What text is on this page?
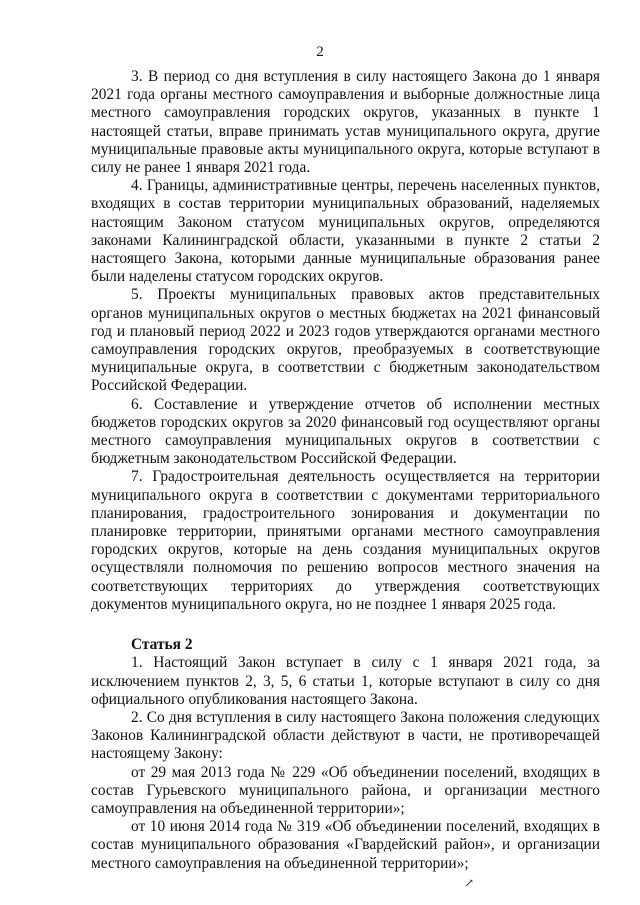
2

3. В период со дня вступления в силу настоящего Закона до 1 января 2021 года органы местного самоуправления и выборные должностные лица местного самоуправления городских округов, указанных в пункте 1 настоящей статьи, вправе принимать устав муниципального округа, другие муниципальные правовые акты муниципального округа, которые вступают в силу не ранее 1 января 2021 года.

4. Границы, административные центры, перечень населенных пунктов, входящих в состав территории муниципальных образований, наделяемых настоящим Законом статусом муниципальных округов, определяются законами Калининградской области, указанными в пункте 2 статьи 2 настоящего Закона, которыми данные муниципальные образования ранее были наделены статусом городских округов.

5. Проекты муниципальных правовых актов представительных органов муниципальных округов о местных бюджетах на 2021 финансовый год и плановый период 2022 и 2023 годов утверждаются органами местного самоуправления городских округов, преобразуемых в соответствующие муниципальные округа, в соответствии с бюджетным законодательством Российской Федерации.

6. Составление и утверждение отчетов об исполнении местных бюджетов городских округов за 2020 финансовый год осуществляют органы местного самоуправления муниципальных округов в соответствии с бюджетным законодательством Российской Федерации.

7. Градостроительная деятельность осуществляется на территории муниципального округа в соответствии с документами территориального планирования, градостроительного зонирования и документации по планировке территории, принятыми органами местного самоуправления городских округов, которые на день создания муниципальных округов осуществляли полномочия по решению вопросов местного значения на соответствующих территориях до утверждения соответствующих документов муниципального округа, но не позднее 1 января 2025 года.

Статья 2

1. Настоящий Закон вступает в силу с 1 января 2021 года, за исключением пунктов 2, 3, 5, 6 статьи 1, которые вступают в силу со дня официального опубликования настоящего Закона.

2. Со дня вступления в силу настоящего Закона положения следующих Законов Калининградской области действуют в части, не противоречащей настоящему Закону:

от 29 мая 2013 года № 229 «Об объединении поселений, входящих в состав Гурьевского муниципального района, и организации местного самоуправления на объединенной территории»;

от 10 июня 2014 года № 319 «Об объединении поселений, входящих в состав муниципального образования «Гвардейский район», и организации местного самоуправления на объединенной территории»;

↗
